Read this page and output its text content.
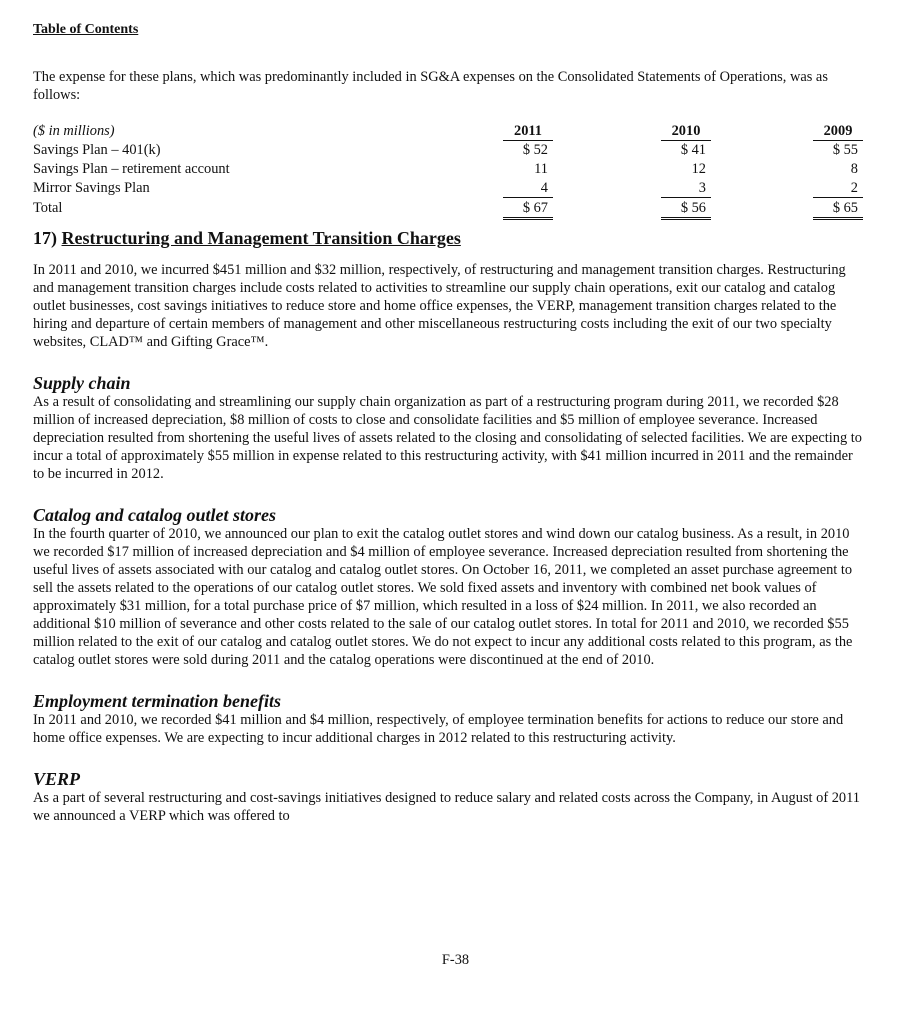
Table of Contents

The expense for these plans, which was predominantly included in SG&A expenses on the Consolidated Statements of Operations, was as follows:

($ in millions)	2011	2010	2009
Savings Plan – 401(k)	$ 52	$ 41	$ 55
Savings Plan – retirement account	11	12	8
Mirror Savings Plan	4	3	2
Total	$ 67	$ 56	$ 65
17) Restructuring and Management Transition Charges

In 2011 and 2010, we incurred $451 million and $32 million, respectively, of restructuring and management transition charges. Restructuring and management transition charges include costs related to activities to streamline our supply chain operations, exit our catalog and catalog outlet businesses, cost savings initiatives to reduce store and home office expenses, the VERP, management transition charges related to the hiring and departure of certain members of management and other miscellaneous restructuring costs including the exit of our two specialty websites, CLAD™ and Gifting Grace™.

Supply chain

As a result of consolidating and streamlining our supply chain organization as part of a restructuring program during 2011, we recorded $28 million of increased depreciation, $8 million of costs to close and consolidate facilities and $5 million of employee severance. Increased depreciation resulted from shortening the useful lives of assets related to the closing and consolidating of selected facilities. We are expecting to incur a total of approximately $55 million in expense related to this restructuring activity, with $41 million incurred in 2011 and the remainder to be incurred in 2012.

Catalog and catalog outlet stores

In the fourth quarter of 2010, we announced our plan to exit the catalog outlet stores and wind down our catalog business. As a result, in 2010 we recorded $17 million of increased depreciation and $4 million of employee severance. Increased depreciation resulted from shortening the useful lives of assets associated with our catalog and catalog outlet stores. On October 16, 2011, we completed an asset purchase agreement to sell the assets related to the operations of our catalog outlet stores. We sold fixed assets and inventory with combined net book values of approximately $31 million, for a total purchase price of $7 million, which resulted in a loss of $24 million. In 2011, we also recorded an additional $10 million of severance and other costs related to the sale of our catalog outlet stores. In total for 2011 and 2010, we recorded $55 million related to the exit of our catalog and catalog outlet stores. We do not expect to incur any additional costs related to this program, as the catalog outlet stores were sold during 2011 and the catalog operations were discontinued at the end of 2010.

Employment termination benefits

In 2011 and 2010, we recorded $41 million and $4 million, respectively, of employee termination benefits for actions to reduce our store and home office expenses. We are expecting to incur additional charges in 2012 related to this restructuring activity.

VERP

As a part of several restructuring and cost-savings initiatives designed to reduce salary and related costs across the Company, in August of 2011 we announced a VERP which was offered to

F-38
